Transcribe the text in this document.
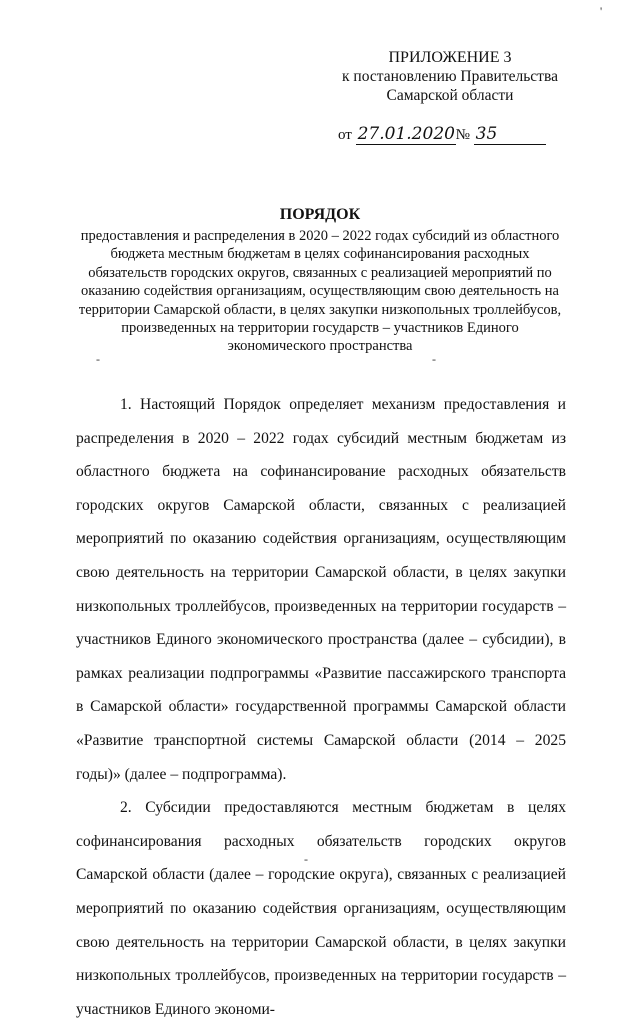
'
ПРИЛОЖЕНИЕ 3
к постановлению Правительства
Самарской области
от 27.01.2020№ 35
ПОРЯДОК
предоставления и распределения в 2020 – 2022 годах субсидий из областного бюджета местным бюджетам в целях софинансирования расходных обязательств городских округов, связанных с реализацией мероприятий по оказанию содействия организациям, осуществляющим свою деятельность на территории Самарской области, в целях закупки низкопольных троллейбусов, произведенных на территории государств – участников Единого экономического пространства
-	-

1. Настоящий Порядок определяет механизм предоставления и распределения в 2020 – 2022 годах субсидий местным бюджетам из областного бюджета на софинансирование расходных обязательств городских округов Самарской области, связанных с реализацией мероприятий по оказанию содействия организациям, осуществляющим свою деятельность на территории Самарской области, в целях закупки низкопольных троллейбусов, произведенных на территории государств – участников Единого экономического пространства (далее – субсидии), в рамках реализации подпрограммы «Развитие пассажирского транспорта в Самарской области» государственной программы Самарской области «Развитие транспортной системы Самарской области (2014 – 2025 годы)» (далее – подпрограмма).

2. Субсидии предоставляются местным бюджетам в целях софинансирования расходных обязательств городских округов Самарской области (далее – городские округа), связанных с реализацией мероприятий по оказанию содействия организациям, осуществляющим свою деятельность на территории Самарской области, в целях закупки низкопольных троллейбусов, произведенных на территории государств – участников Единого экономи-

-
